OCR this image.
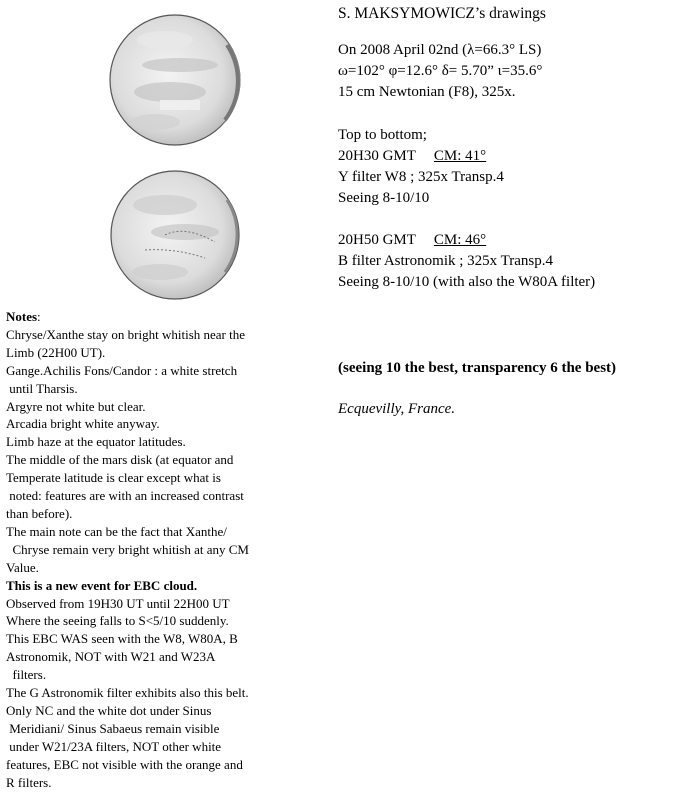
S. MAKSYMOWICZ’s drawings
On 2008 April 02nd (λ=66.3° LS)
ω=102° φ=12.6° δ= 5.70” ι=35.6°
15 cm Newtonian (F8), 325x.
Top to bottom;
20H30 GMT CM: 41°
Y filter W8 ; 325x Transp.4
Seeing 8-10/10
20H50 GMT CM: 46°
B filter Astronomik ; 325x Transp.4
Seeing 8-10/10 (with also the W80A filter)
(seeing 10 the best, transparency 6 the best)
Ecquevilly, France.
Notes:
Chryse/Xanthe stay on bright whitish near the
Limb (22H00 UT).
Gange.Achilis Fons/Candor : a white stretch
until Tharsis.
Argyre not white but clear.
Arcadia bright white anyway.
Limb haze at the equator latitudes.
The middle of the mars disk (at equator and
Temperate latitude is clear except what is
noted: features are with an increased contrast
than before).
The main note can be the fact that Xanthe/
Chryse remain very bright whitish at any CM
Value.
This is a new event for EBC cloud.
Observed from 19H30 UT until 22H00 UT
Where the seeing falls to S<5/10 suddenly.
This EBC WAS seen with the W8, W80A, B
Astronomik, NOT with W21 and W23A
filters.
The G Astronomik filter exhibits also this belt.
Only NC and the white dot under Sinus
Meridiani/ Sinus Sabaeus remain visible
under W21/23A filters, NOT other white
features, EBC not visible with the orange and
R filters.
